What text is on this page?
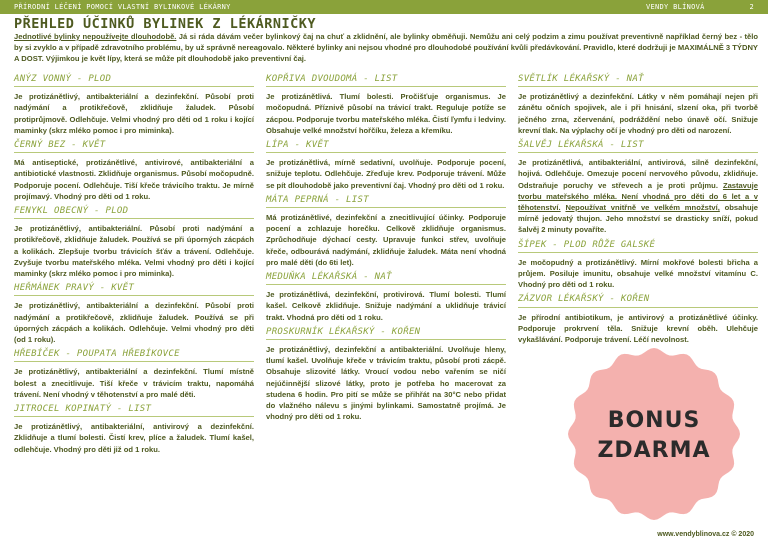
PŘÍRODNÍ LÉČENÍ POMOCÍ VLASTNÍ BYLINKOVÉ LÉKÁRNY	VENDY BLÍNOVÁ	2
PŘEHLED ÚČINKŮ BYLINEK Z LÉKÁRNIČKY
Jednotlivé bylinky nepoužívejte dlouhodobě. Já si ráda dávám večer bylinkový čaj na chuť a zklidnění, ale bylinky obměňuji. Nemůžu ani celý podzim a zimu používat preventivně například černý bez - tělo by si zvyklo a v případě zdravotního problému, by už správně nereagovalo. Některé bylinky ani nejsou vhodné pro dlouhodobé používání kvůli předávkování. Pravidlo, které dodržuji je MAXIMÁLNĚ 3 TÝDNY A DOST. Výjimkou je květ lípy, která se může pít dlouhodobě jako preventivní čaj.
ANÝZ VONNÝ - PLOD
Je protizánětlivý, antibakteriální a dezinfekční. Působí proti nadýmání a protikřečově, zklidňuje žaludek. Působí protiprůjmově. Odlehčuje. Velmi vhodný pro děti od 1 roku i kojící maminky (skrz mléko pomoc i pro miminka).
ČERNÝ BEZ - KVĚT
Má antiseptické, protizánětlivé, antivirové, antibakteriální a antibiotické vlastnosti. Zklidňuje organismus. Působí močopudně. Podporuje pocení. Odlehčuje. Tiší křeče trávicího traktu. Je mírně projímavý. Vhodný pro děti od 1 roku.
FENYKL OBECNÝ - PLOD
Je protizánětlivý, antibakteriální. Působí proti nadýmání a protikřečově, zklidňuje žaludek. Používá se při úporných zácpách a kolikách. Zlepšuje tvorbu trávicích šťáv a trávení. Odlehčuje. Zvyšuje tvorbu mateřského mléka. Velmi vhodný pro děti i kojící maminky (skrz mléko pomoc i pro miminka).
HEŘMÁNEK PRAVÝ - KVĚT
Je protizánětlivý, antibakteriální a dezinfekční. Působí proti nadýmání a protikřečově, zklidňuje žaludek. Používá se při úporných zácpách a kolikách. Odlehčuje. Velmi vhodný pro děti (od 1 roku).
HŘEBÍČEK - POUPATA HŘEBÍKOVCE
Je protizánětlivý, antibakteriální a dezinfekční. Tlumí místně bolest a znecitlivuje. Tiší křeče v trávicím traktu, napomáhá trávení. Není vhodný v těhotenství a pro malé děti.
JITROCEL KOPINATÝ - LIST
Je protizánětlivý, antibakteriální, antivirový a dezinfekční. Zklidňuje a tlumí bolesti. Čistí krev, plíce a žaludek. Tlumí kašel, odlehčuje. Vhodný pro děti již od 1 roku.
KOPŘIVA DVOUDOMÁ - LIST
Je protizánětlivá. Tlumí bolesti. Pročišťuje organismus. Je močopudná. Příznivě působí na trávicí trakt. Reguluje potíže se zácpou. Podporuje tvorbu mateřského mléka. Čistí ľymfu i ledviny. Obsahuje velké množství hořčíku, železa a křemíku.
LÍPA - KVĚT
Je protizánětlivá, mírně sedativní, uvolňuje. Podporuje pocení, snižuje teplotu. Odlehčuje. Zřeďuje krev. Podporuje trávení. Může se pít dlouhodobě jako preventivní čaj. Vhodný pro děti od 1 roku.
MÁTA PEPRNÁ - LIST
Má protizánětlivé, dezinfekční a znecitlivující účinky. Podporuje pocení a zchlazuje horečku. Celkově zklidňuje organismus. Zprůchodňuje dýchací cesty. Upravuje funkci střev, uvolňuje křeče, odbourává nadýmání, zklidňuje žaludek. Máta není vhodná pro malé děti (do 6ti let).
MEDUŇKA LÉKAŘSKÁ - NAŤ
Je protizánětlivá, dezinfekční, protivirová. Tlumí bolesti. Tlumí kašel. Celkově zklidňuje. Snižuje nadýmání a uklidňuje trávicí trakt. Vhodná pro děti od 1 roku.
PROSKURNÍK LÉKAŘSKÝ - KOŘEN
Je protizánětlivý, dezinfekční a antibakteriální. Uvolňuje hleny, tlumí kašel. Uvolňuje křeče v trávicím traktu, působí proti zácpě. Obsahuje slizovité látky. Vroucí vodou nebo vařením se ničí nejúčinnější slizové látky, proto je potřeba ho macerovat za studena 6 hodin. Pro pití se může se přihřát na 30°C nebo přidat do vlažného nálevu s jinými bylinkami. Samostatně projímá. Je vhodný pro děti od 1 roku.
SVĚTLÍK LÉKAŘSKÝ - NAŤ
Je protizánětlivý a dezinfekční. Látky v něm pomáhají nejen při zánětu očních spojivek, ale i při hnisání, slzení oka, při tvorbě ječného zrna, zčervenání, podráždění nebo únavě očí. Snižuje krevní tlak. Na výplachy očí je vhodný pro děti od narození.
ŠALVĚJ LÉKAŘSKÁ - LIST
Je protizánětlivá, antibakteriální, antivirová, silně dezinfekční, hojivá. Odlehčuje. Omezuje pocení nervového původu, zklidňuje. Odstraňuje poruchy ve střevech a je proti průjmu. Zastavuje tvorbu mateřského mléka. Není vhodná pro děti do 6 let a v těhotenství. Nepoužívat vnitřně ve velkém množství, obsahuje mírně jedovatý thujon. Jeho množství se drasticky sníží, pokud šalvěj 2 minuty povaříte.
ŠÍPEK - PLOD RŮŽE GALSKÉ
Je močopudný a protizánětlivý. Mírní mokřové bolesti břicha a průjem. Posiluje imunitu, obsahuje velké množství vitamínu C. Vhodný pro děti od 1 roku.
ZÁZVOR LÉKAŘSKÝ - KOŘEN
Je přírodní antibiotikum, je antivirový a protizánětlivé účinky. Podporuje prokrvení těla. Snižuje krevní oběh. Ulehčuje vykašlávání. Podporuje trávení. Léčí nevolnost.
BONUS
ZDARMA
www.vendyblinova.cz © 2020
